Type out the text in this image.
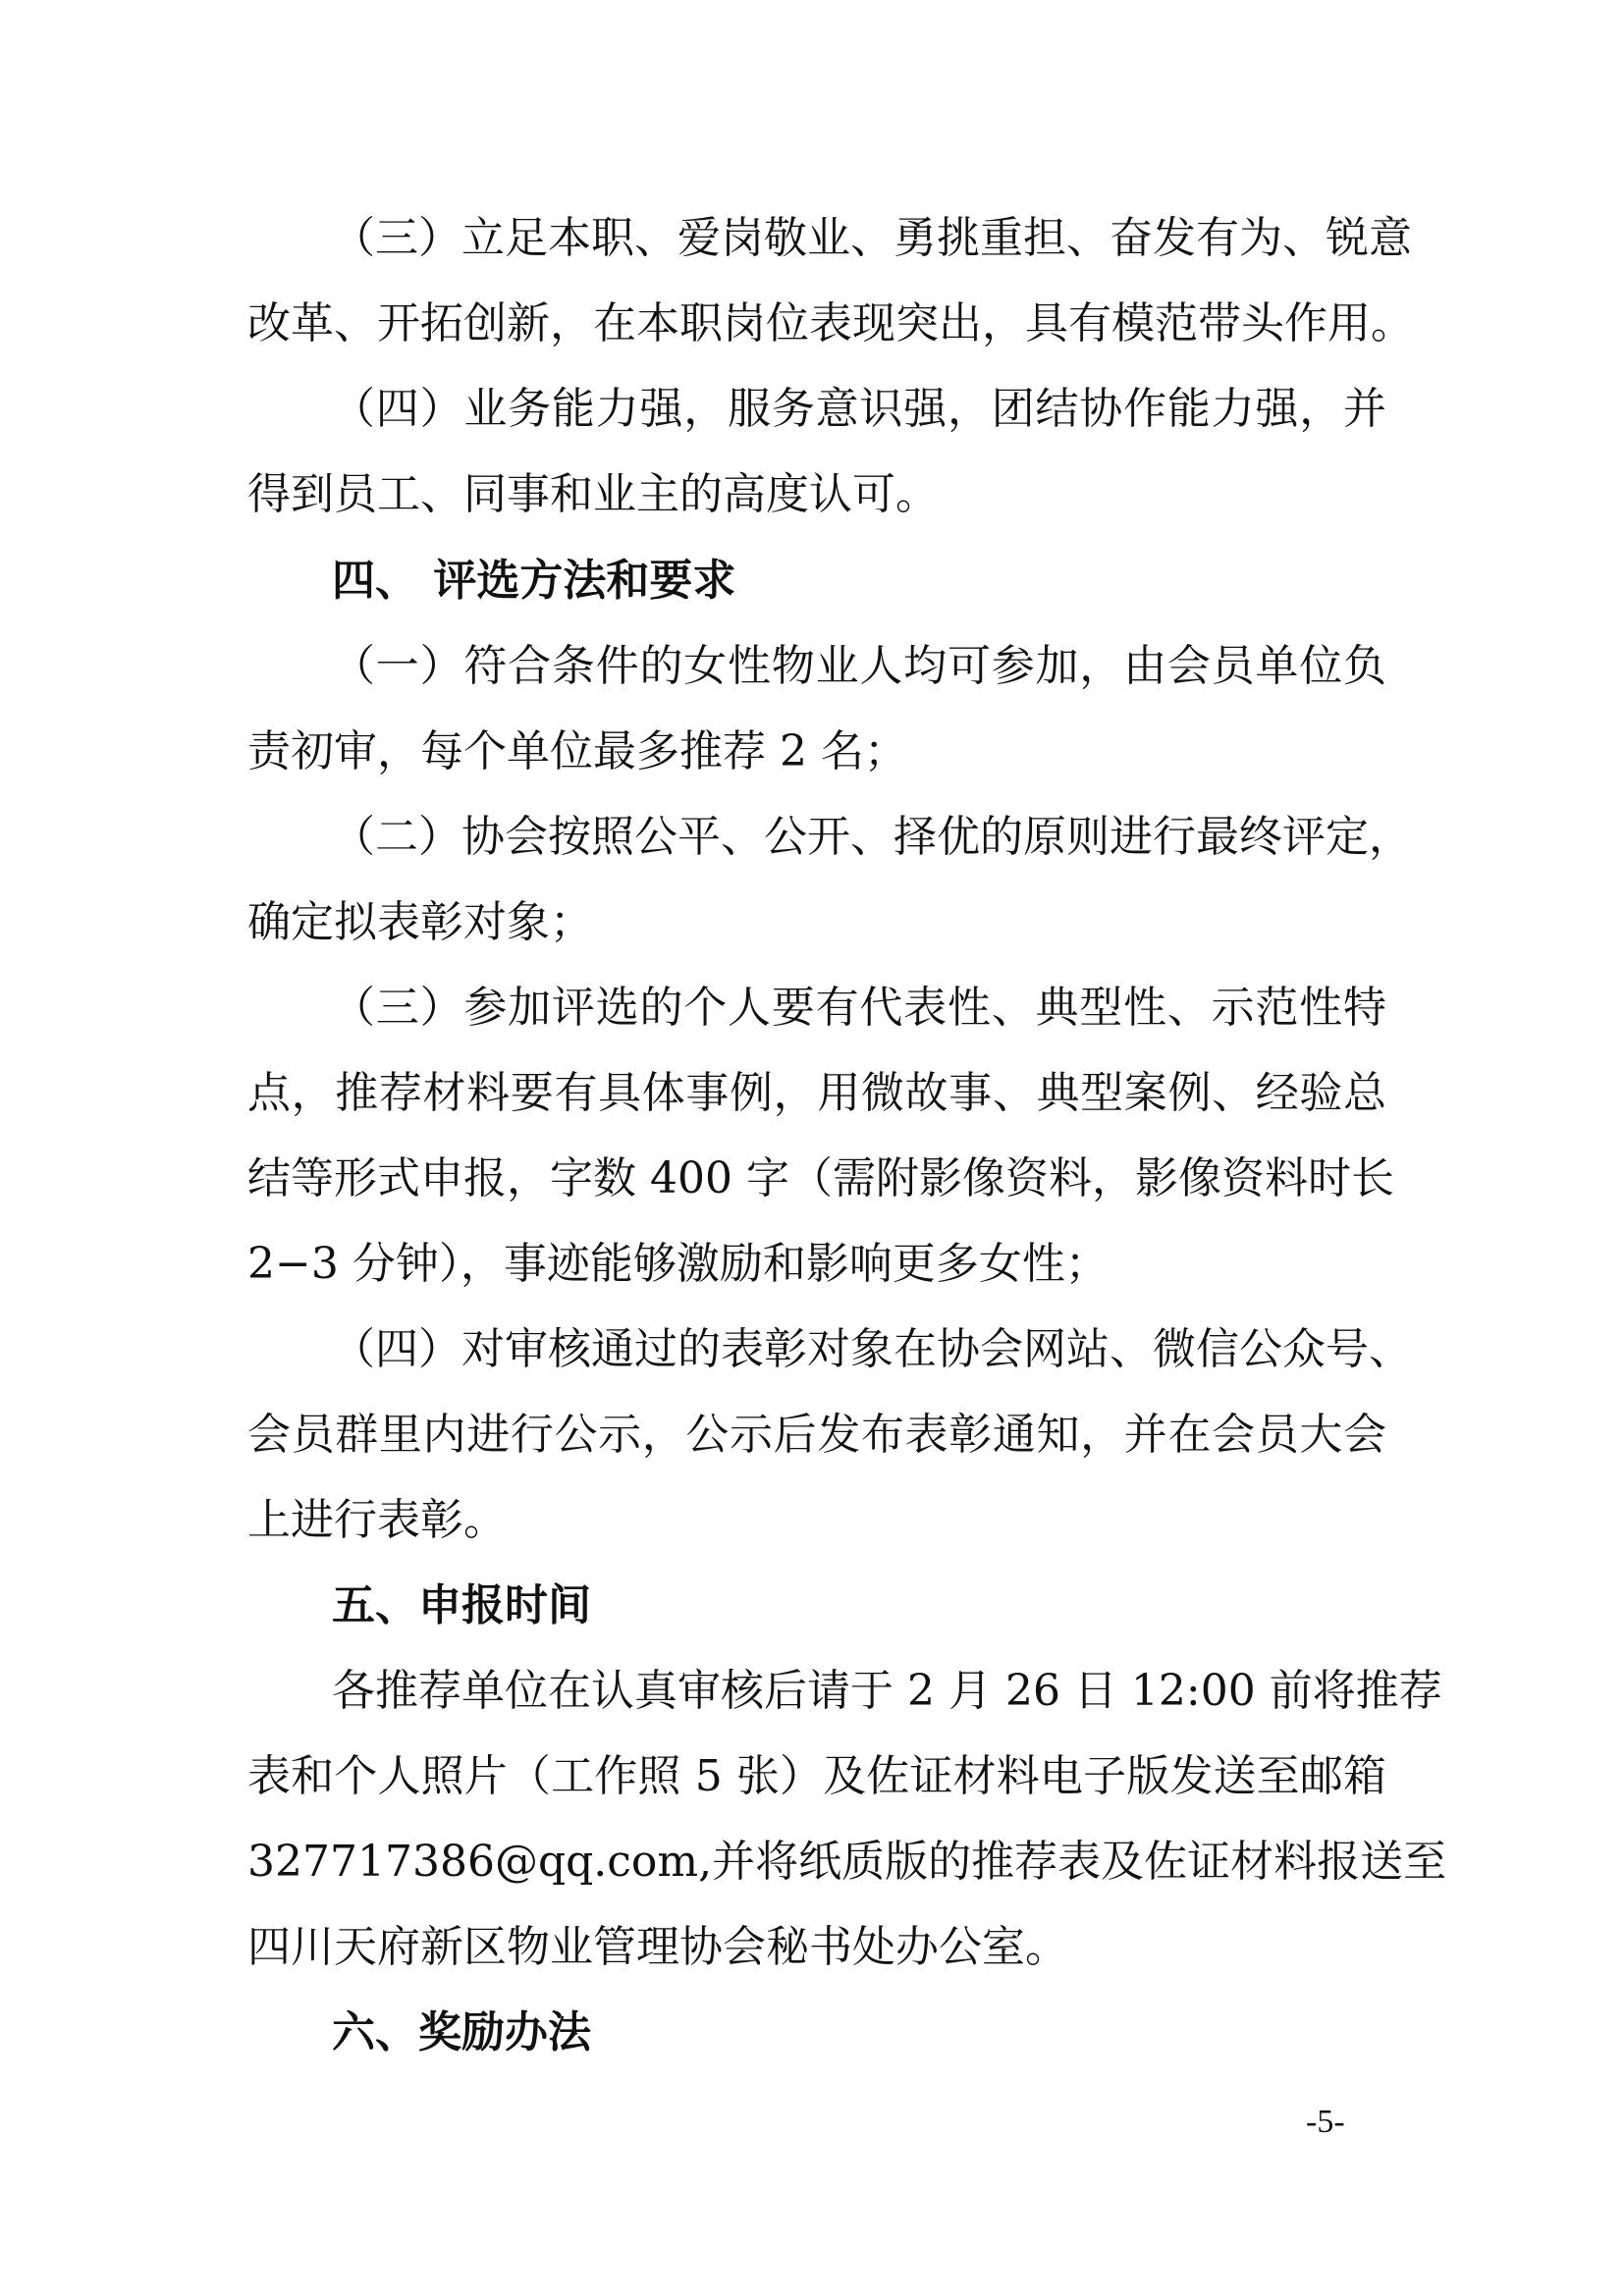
（三）立足本职、爱岗敬业、勇挑重担、奋发有为、锐意
改革、开拓创新，在本职岗位表现突出，具有模范带头作用。
（四）业务能力强，服务意识强，团结协作能力强，并
得到员工、同事和业主的高度认可。
四、 评选方法和要求
（一）符合条件的女性物业人均可参加，由会员单位负
责初审，每个单位最多推荐 2 名；
（二）协会按照公平、公开、择优的原则进行最终评定，
确定拟表彰对象；
（三）参加评选的个人要有代表性、典型性、示范性特
点，推荐材料要有具体事例，用微故事、典型案例、经验总
结等形式申报，字数 400 字（需附影像资料，影像资料时长
2−3 分钟），事迹能够激励和影响更多女性；
（四）对审核通过的表彰对象在协会网站、微信公众号、
会员群里内进行公示，公示后发布表彰通知，并在会员大会
上进行表彰。
五、申报时间
各推荐单位在认真审核后请于 2 月 26 日 12:00 前将推荐
表和个人照片（工作照 5 张）及佐证材料电子版发送至邮箱
327717386@qq.com,并将纸质版的推荐表及佐证材料报送至
四川天府新区物业管理协会秘书处办公室。
六、奖励办法
-5-
